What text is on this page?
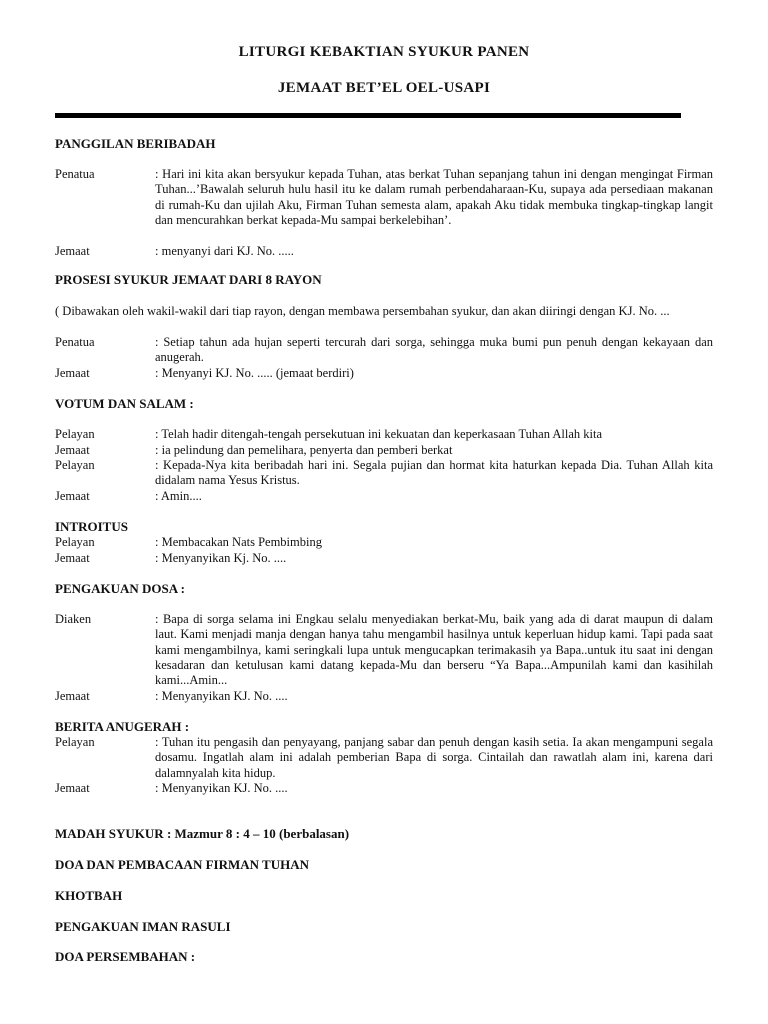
LITURGI KEBAKTIAN SYUKUR PANEN
JEMAAT BET’EL OEL-USAPI
PANGGILAN BERIBADAH
Penatua	: Hari ini kita akan bersyukur kepada Tuhan, atas berkat Tuhan sepanjang tahun ini dengan mengingat Firman Tuhan...’Bawalah seluruh hulu hasil itu ke dalam rumah perbendaharaan-Ku, supaya ada persediaan makanan di rumah-Ku dan ujilah Aku, Firman Tuhan semesta alam, apakah Aku tidak membuka tingkap-tingkap langit dan mencurahkan berkat kepada-Mu sampai berkelebihan’.
Jemaat	: menyanyi dari KJ. No. .....
PROSESI SYUKUR JEMAAT DARI 8 RAYON
( Dibawakan oleh wakil-wakil dari tiap rayon, dengan membawa persembahan syukur, dan akan diiringi dengan KJ. No. ...
Penatua	: Setiap tahun ada hujan seperti tercurah dari sorga, sehingga muka bumi pun penuh dengan kekayaan dan anugerah.
Jemaat	: Menyanyi KJ. No. ..... (jemaat berdiri)
VOTUM DAN SALAM :
Pelayan	: Telah hadir ditengah-tengah persekutuan ini kekuatan dan keperkasaan Tuhan Allah kita
Jemaat	: ia pelindung dan pemelihara, penyerta dan pemberi berkat
Pelayan	: Kepada-Nya kita beribadah hari ini. Segala pujian dan hormat kita haturkan kepada Dia. Tuhan Allah kita didalam nama Yesus Kristus.
Jemaat	: Amin....
INTROITUS
Pelayan	: Membacakan Nats Pembimbing
Jemaat	: Menyanyikan Kj. No. ....
PENGAKUAN DOSA :
Diaken	: Bapa di sorga selama ini Engkau selalu menyediakan berkat-Mu, baik yang ada di darat maupun di dalam laut. Kami menjadi manja dengan hanya tahu mengambil hasilnya untuk keperluan hidup kami. Tapi pada saat kami mengambilnya, kami seringkali lupa untuk mengucapkan terimakasih ya Bapa..untuk itu saat ini dengan kesadaran dan ketulusan kami datang kepada-Mu dan berseru “Ya Bapa...Ampunilah kami dan kasihilah kami...Amin...
Jemaat	: Menyanyikan KJ. No. ....
BERITA ANUGERAH :
Pelayan	: Tuhan itu pengasih dan penyayang, panjang sabar dan penuh dengan kasih setia. Ia akan mengampuni segala dosamu. Ingatlah alam ini adalah pemberian Bapa di sorga. Cintailah dan rawatlah alam ini, karena dari dalamnyalah kita hidup.
Jemaat	: Menyanyikan KJ. No. ....
MADAH SYUKUR : Mazmur 8 : 4 – 10 (berbalasan)
DOA DAN PEMBACAAN FIRMAN TUHAN
KHOTBAH
PENGAKUAN IMAN RASULI
DOA PERSEMBAHAN :
